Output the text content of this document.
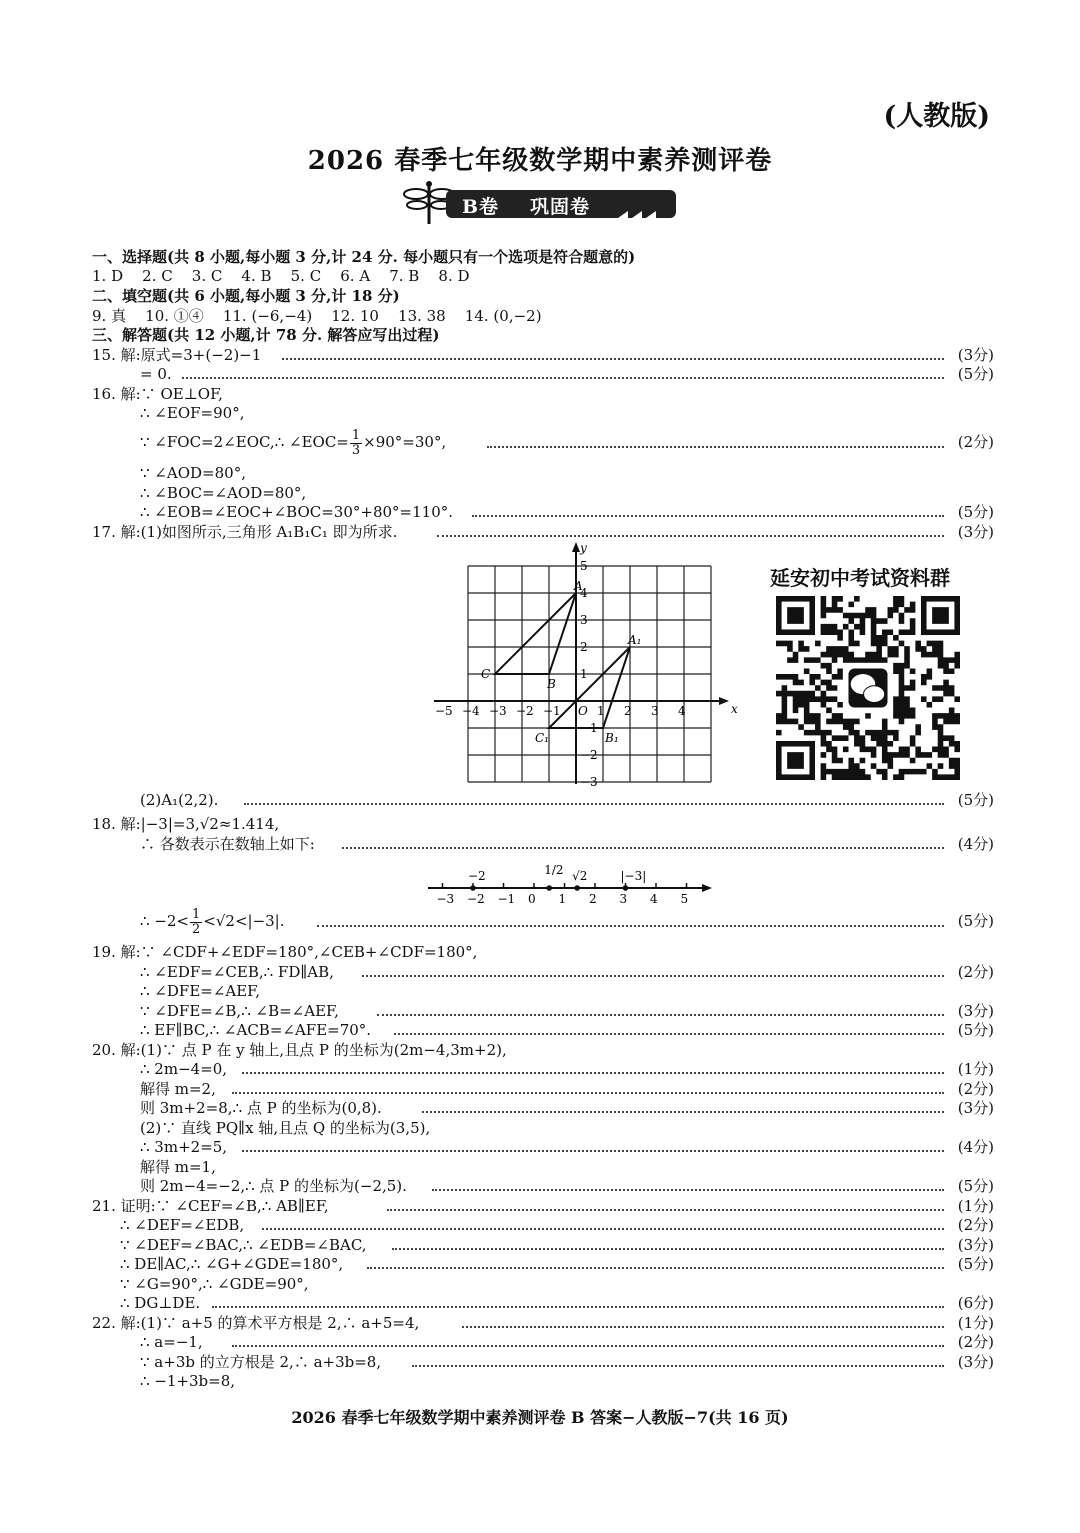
(人教版)
2026 春季七年级数学期中素养测评卷
B卷 巩固卷
一、选择题(共 8 小题,每小题 3 分,计 24 分. 每小题只有一个选项是符合题意的)
1. D    2. C    3. C    4. B    5. C    6. A    7. B    8. D
二、填空题(共 6 小题,每小题 3 分,计 18 分)
9. 真    10. ①④    11. (−6,−4)    12. 10    13. 38    14. (0,−2)
三、解答题(共 12 小题,计 78 分. 解答应写出过程)
15. 解:原式=3+(−2)−1	(3分)
= 0.	(5分)
16. 解:∵ OE⊥OF,
∴ ∠EOF=90°,
∵ ∠FOC=2∠EOC,∴ ∠EOC= $\frac{1}{3} \times 90^\circ=30^\circ$,	(2分)
∵ ∠AOD=80°,
∴ ∠BOC=∠AOD=80°,
∴ ∠EOB=∠EOC+∠BOC=30°+80°=110°.	(5分)
17. 解:(1)如图所示,三角形 A₁B₁C₁ 即为所求.	(3分)
x
y
−5 −4 −3 −2 −1	1 2 3 4
O
5
4
3
2
1
−1
−2
−3
A
B
C
A₁
B₁
C₁
延安初中考试资料群
(2)A₁(2,2).	(5分)
18. 解:|−3|=3,√2≈1.414,
∴ 各数表示在数轴上如下:	(4分)
−3 −2 −1 0 1 2 3 4 5
−2	1/2 √2	|−3|
∴ $-2< \frac{1}{2} <√2<|-3|$.	(5分)
19. 解:∵ ∠CDF+∠EDF=180°,∠CEB+∠CDF=180°,
∴ ∠EDF=∠CEB,∴ FD∥AB,	(2分)
∴ ∠DFE=∠AEF,
∵ ∠DFE=∠B,∴ ∠B=∠AEF,	(3分)
∴ EF∥BC,∴ ∠ACB=∠AFE=70°.	(5分)
20. 解:(1)∵ 点 P 在 y 轴上,且点 P 的坐标为(2m−4,3m+2),
∴ 2m−4=0,	(1分)
解得 m=2,	(2分)
则 3m+2=8,∴ 点 P 的坐标为(0,8).	(3分)
(2)∵ 直线 PQ∥x 轴,且点 Q 的坐标为(3,5),
∴ 3m+2=5,	(4分)
解得 m=1,
则 2m−4=−2,∴ 点 P 的坐标为(−2,5).	(5分)
21. 证明:∵ ∠CEF=∠B,∴ AB∥EF,	(1分)
∴ ∠DEF=∠EDB,	(2分)
∵ ∠DEF=∠BAC,∴ ∠EDB=∠BAC,	(3分)
∴ DE∥AC,∴ ∠G+∠GDE=180°,	(5分)
∵ ∠G=90°,∴ ∠GDE=90°,
∴ DG⊥DE.	(6分)
22. 解:(1)∵ a+5 的算术平方根是 2,∴ a+5=4,	(1分)
∴ a=−1,	(2分)
∵ a+3b 的立方根是 2,∴ a+3b=8,	(3分)
∴ −1+3b=8,
2026 春季七年级数学期中素养测评卷 B 答案−人教版−7(共 16 页)
